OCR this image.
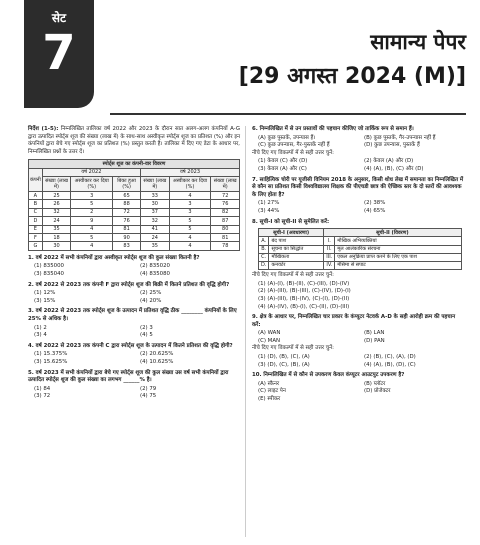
सेट
7	सामान्य पेपर
[29 अगस्त 2024 (M)]

निर्देश (1-5): निम्नलिखित तालिका वर्ष 2022 और 2023 के दौरान सात अलग-अलग कंपनियों A-G द्वारा उत्पादित स्पोर्ट्स शूज की संख्या (लाख में) के साथ-साथ अस्वीकृत स्पोर्ट्स शूज का प्रतिशत (%) और इन कंपनियों द्वारा बेचे गए स्पोर्ट्स शूज का प्रतिशत (%) प्रस्तुत करती है। तालिका में दिए गए डेटा के आधार पर, निम्नलिखित प्रश्नों के उत्तर दें।

स्पोर्ट्स शूज का कंपनी-वार विवरण						
कंपनी	वर्ष 2022			वर्ष 2023		
	संख्या (लाख में)	अस्वीकार कर दिया (%)	बिका हुआ (%)	संख्या (लाख में)	अस्वीकार कर दिया (%)	संख्या (लाख में)
A	25	3	65	33	4	72
B	26	5	88	30	3	76
C	32	2	72	37	3	82
D	24	9	76	32	5	87
E	35	4	81	41	5	80
F	18	5	90	24	4	81
G	30	4	83	35	4	78
1. वर्ष 2022 में सभी कंपनियों द्वारा अस्वीकृत स्पोर्ट्स शूज की कुल संख्या कितनी है?
(1) 835000	(2) 835020
(3) 835040	(4) 835080
2. वर्ष 2022 से 2023 तक कंपनी F द्वारा स्पोर्ट्स शूज की बिक्री में कितने प्रतिशत की वृद्धि होगी?
(1) 12%	(2) 25%
(3) 15%	(4) 20%
3. वर्ष 2022 से 2023 तक स्पोर्ट्स शूज के उत्पादन में प्रतिशत वृद्धि ठीक ________ कंपनियों के लिए 25% से अधिक है।
(1) 2	(2) 3
(3) 4	(4) 5
4. वर्ष 2022 से 2023 तक कंपनी C द्वारा स्पोर्ट्स शूज के उत्पादन में कितने प्रतिशत की वृद्धि होगी?
(1) 15.375%	(2) 20.625%
(3) 15.625%	(4) 10.625%
5. वर्ष 2023 में सभी कंपनियों द्वारा बेचे गए स्पोर्ट्स शूज की कुल संख्या उस वर्ष सभी कंपनियों द्वारा उत्पादित स्पोर्ट्स शूज की कुल संख्या का लगभग ______% है।
(1) 84	(2) 79
(3) 72	(4) 75
6. निम्नलिखित में से उन प्रस्तावों की पहचान कीजिए जो तार्किक रूप से समान हैं।
(A) कुछ पुस्तकें, उपन्यास हैं।	(B) कुछ पुस्तकें, गैर-उपन्यास नहीं हैं
(C) कुछ उपन्यास, गैर-पुस्तकें नहीं हैं	(D) कुछ उपन्यास, पुस्तकें हैं
नीचे दिए गए विकल्पों में से सही उत्तर चुनें:
(1) केवल (C) और (D)	(2) केवल (A) और (D)
(3) केवल (A) और (C)	(4) (A), (B), (C) और (D)
7. साहित्यिक चोरी पर यूजीसी विनियम 2018 के अनुसार, किसी शोध लेख में समानता का निम्नलिखित में से कौन सा प्रतिशत किसी विश्वविद्यालय शिक्षक की पीएचडी छात्र की ऐच्छिक स्तर के दो स्तरों की आवश्यक के लिए होता है?
(1) 27%	(2) 38%
(3) 44%	(4) 65%
8. सूची-I को सूची-II से सुमेलित करें:
सूची-I (अवधारणा)		सूची-II (विवरण)	
A.	बंद पाश	I.	मौखिक अभिव्यक्तियां
B.	सूचना का सिद्धांत	II.	मूल आलंकारिक संरचना
C.	मौखिकता	III.	एकल अनुक्रिया प्राप्त करने के लिए एक पाश
D.	कनवर्टर	IV.	मेसिमा से सपाट
नीचे दिए गए विकल्पों में से सही उत्तर चुनें:
(1) (A)-(I), (B)-(II), (C)-(III), (D)-(IV)
(2) (A)-(III), (B)-(III), (C)-(IV), (D)-(I)
(3) (A)-(III), (B)-(IV), (C)-(I), (D)-(II)
(4) (A)-(IV), (B)-(I), (C)-(II), (D)-(III)
9. क्षेत्र के आधार पर, निम्नलिखित चार प्रकार के कंप्यूटर नेटवर्क A-D के सही आरोही क्रम की पहचान करें:
(A) WAN	(B) LAN
(C) MAN	(D) PAN
नीचे दिए गए विकल्पों में से सही उत्तर चुनें:
(1) (D), (B), (C), (A)	(2) (B), (C), (A), (D)
(3) (D), (C), (B), (A)	(4) (A), (B), (D), (C)
10. निम्नलिखित में से कौन से उपकरण केवल कंप्यूटर आउटपुट उपकरण है?
(A) स्कैनर	(B) प्लॉटर
(C) लाइट पेन	(D) प्रोजेक्टर
(E) स्पीकर
